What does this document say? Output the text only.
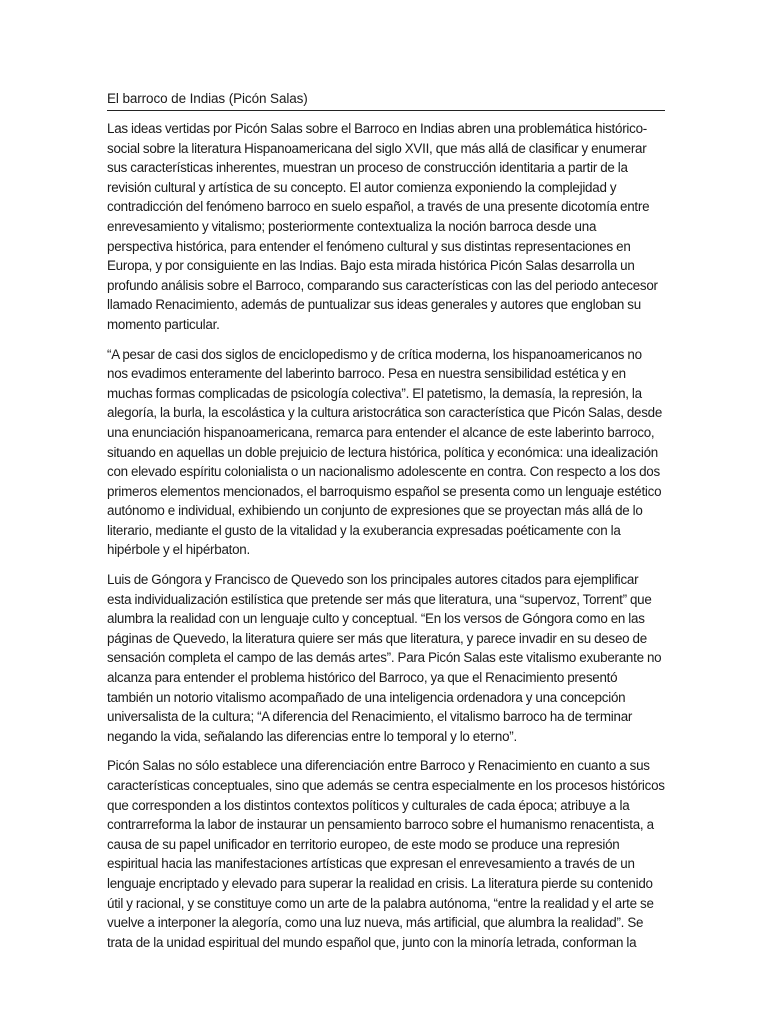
El barroco de Indias (Picón Salas)

Las ideas vertidas por Picón Salas sobre el Barroco en Indias abren una problemática histórico-social sobre la literatura Hispanoamericana del siglo XVII, que más allá de clasificar y enumerar sus características inherentes, muestran un proceso de construcción identitaria a partir de la revisión cultural y artística de su concepto. El autor comienza exponiendo la complejidad y contradicción del fenómeno barroco en suelo español, a través de una presente dicotomía entre enrevesamiento y vitalismo; posteriormente contextualiza la noción barroca desde una perspectiva histórica, para entender el fenómeno cultural y sus distintas representaciones en Europa, y por consiguiente en las Indias. Bajo esta mirada histórica Picón Salas desarrolla un profundo análisis sobre el Barroco, comparando sus características con las del periodo antecesor llamado Renacimiento, además de puntualizar sus ideas generales y autores que engloban su momento particular.

“A pesar de casi dos siglos de enciclopedismo y de crítica moderna, los hispanoamericanos no nos evadimos enteramente del laberinto barroco. Pesa en nuestra sensibilidad estética y en muchas formas complicadas de psicología colectiva”. El patetismo, la demasía, la represión, la alegoría, la burla, la escolástica y la cultura aristocrática son característica que Picón Salas, desde una enunciación hispanoamericana, remarca para entender el alcance de este laberinto barroco, situando en aquellas un doble prejuicio de lectura histórica, política y económica: una idealización con elevado espíritu colonialista o un nacionalismo adolescente en contra. Con respecto a los dos primeros elementos mencionados, el barroquismo español se presenta como un lenguaje estético autónomo e individual, exhibiendo un conjunto de expresiones que se proyectan más allá de lo literario, mediante el gusto de la vitalidad y la exuberancia expresadas poéticamente con la hipérbole y el hipérbaton.

Luis de Góngora y Francisco de Quevedo son los principales autores citados para ejemplificar esta individualización estilística que pretende ser más que literatura, una “supervoz, Torrent” que alumbra la realidad con un lenguaje culto y conceptual. “En los versos de Góngora como en las páginas de Quevedo, la literatura quiere ser más que literatura, y parece invadir en su deseo de sensación completa el campo de las demás artes”. Para Picón Salas este vitalismo exuberante no alcanza para entender el problema histórico del Barroco, ya que el Renacimiento presentó también un notorio vitalismo acompañado de una inteligencia ordenadora y una concepción universalista de la cultura; “A diferencia del Renacimiento, el vitalismo barroco ha de terminar negando la vida, señalando las diferencias entre lo temporal y lo eterno”.

Picón Salas no sólo establece una diferenciación entre Barroco y Renacimiento en cuanto a sus características conceptuales, sino que además se centra especialmente en los procesos históricos que corresponden a los distintos contextos políticos y culturales de cada época; atribuye a la contrarreforma la labor de instaurar un pensamiento barroco sobre el humanismo renacentista, a causa de su papel unificador en territorio europeo, de este modo se produce una represión espiritual hacia las manifestaciones artísticas que expresan el enrevesamiento a través de un lenguaje encriptado y elevado para superar la realidad en crisis. La literatura pierde su contenido útil y racional, y se constituye como un arte de la palabra autónoma, “entre la realidad y el arte se vuelve a interponer la alegoría, como una luz nueva, más artificial, que alumbra la realidad”. Se trata de la unidad espiritual del mundo español que, junto con la minoría letrada, conforman la
